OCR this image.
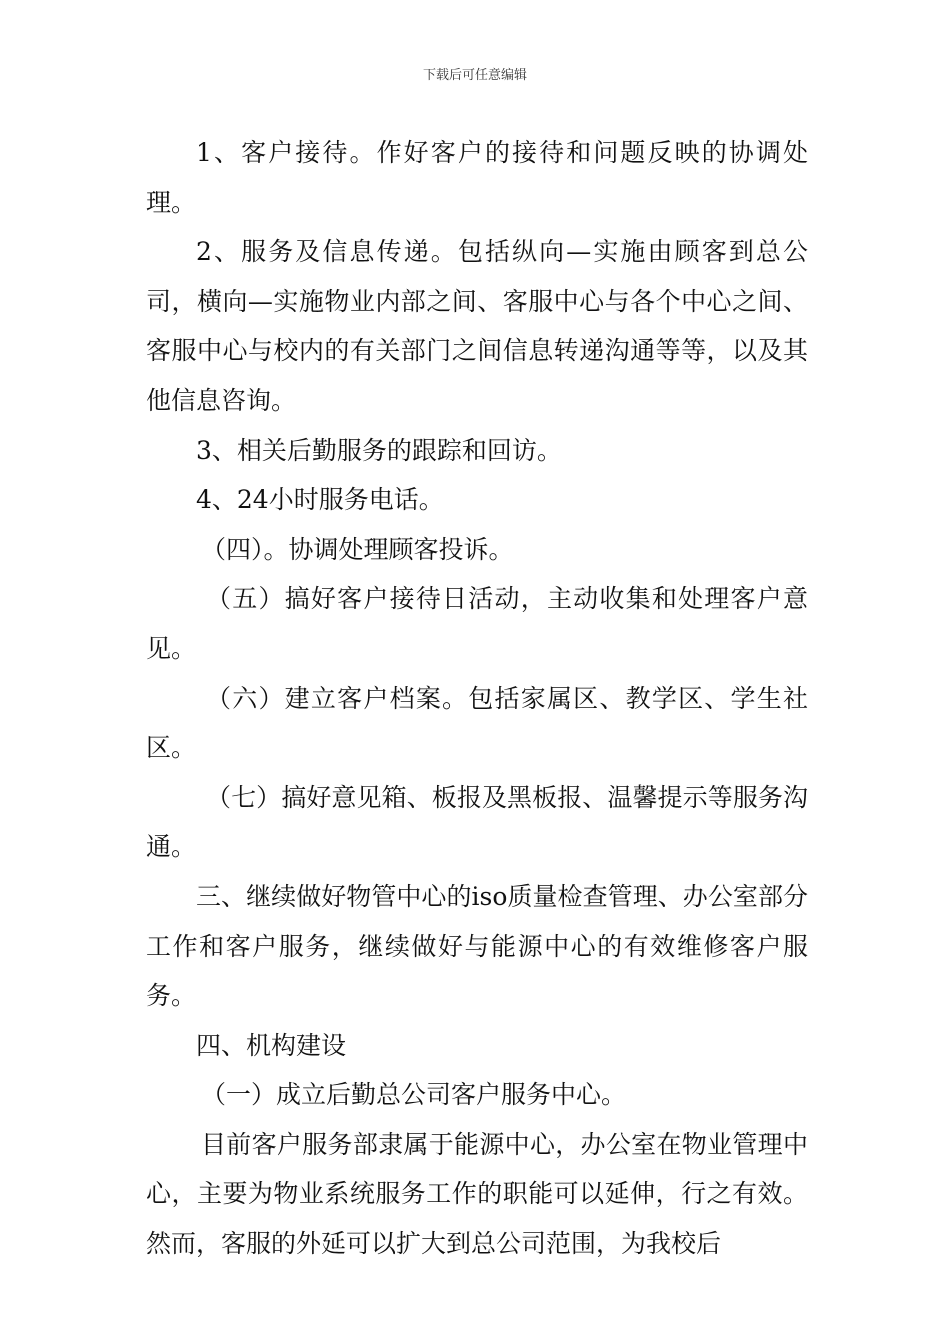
下载后可任意编辑

1、客户接待。作好客户的接待和问题反映的协调处理。

2、服务及信息传递。包括纵向—实施由顾客到总公司，横向—实施物业内部之间、客服中心与各个中心之间、客服中心与校内的有关部门之间信息转递沟通等等，以及其他信息咨询。

3、相关后勤服务的跟踪和回访。

4、24小时服务电话。

（四）。协调处理顾客投诉。

（五）搞好客户接待日活动，主动收集和处理客户意见。

（六）建立客户档案。包括家属区、教学区、学生社区。

（七）搞好意见箱、板报及黑板报、温馨提示等服务沟通。

三、继续做好物管中心的iso质量检查管理、办公室部分工作和客户服务，继续做好与能源中心的有效维修客户服务。

四、机构建设

（一）成立后勤总公司客户服务中心。

目前客户服务部隶属于能源中心，办公室在物业管理中心，主要为物业系统服务工作的职能可以延伸，行之有效。然而，客服的外延可以扩大到总公司范围，为我校后
